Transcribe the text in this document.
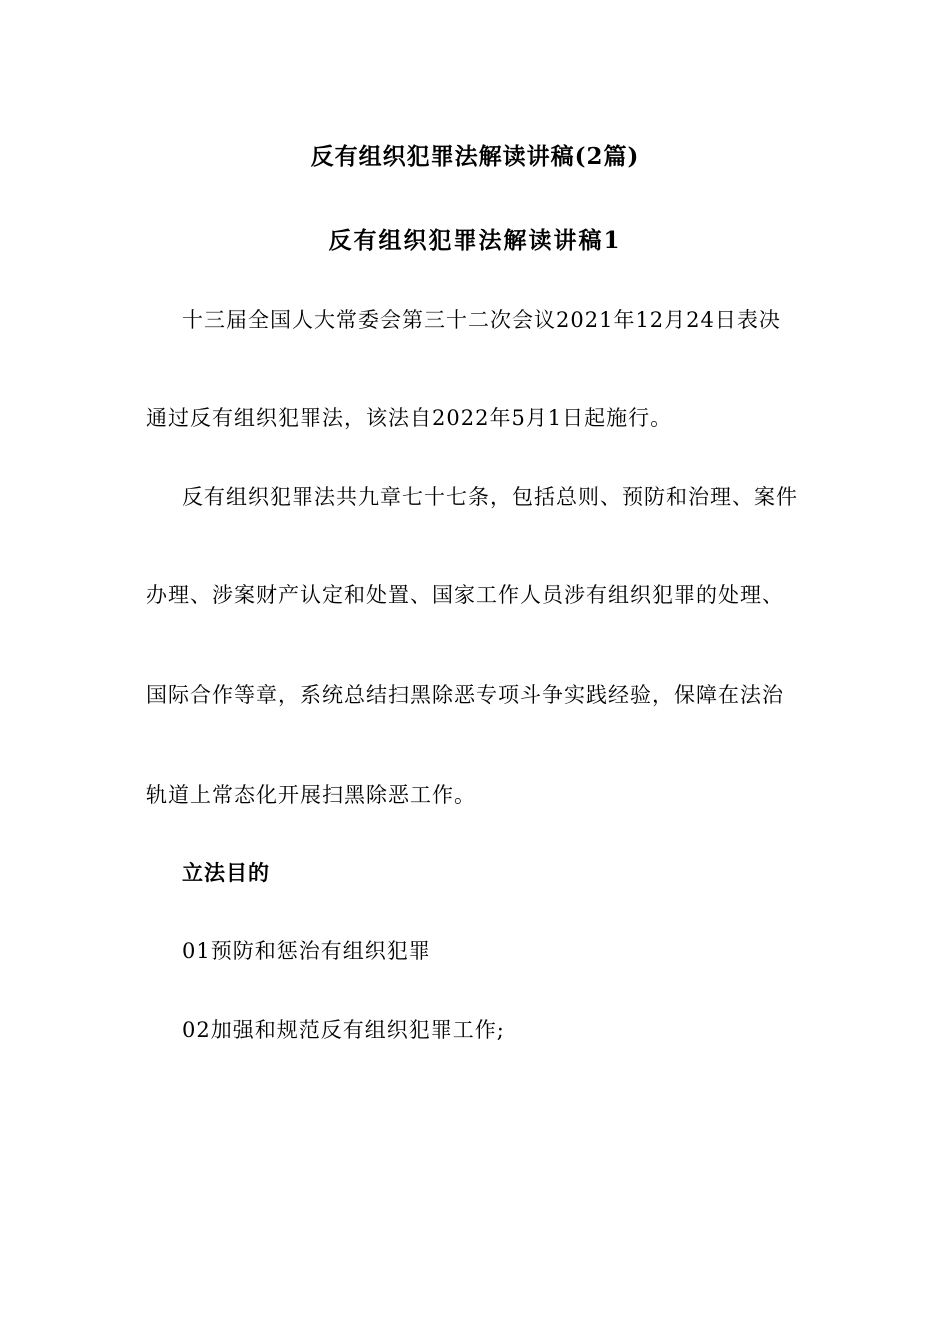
反有组织犯罪法解读讲稿(2篇)
反有组织犯罪法解读讲稿1
十三届全国人大常委会第三十二次会议2021年12月24日表决
通过反有组织犯罪法，该法自2022年5月1日起施行。
反有组织犯罪法共九章七十七条，包括总则、预防和治理、案件
办理、涉案财产认定和处置、国家工作人员涉有组织犯罪的处理、
国际合作等章，系统总结扫黑除恶专项斗争实践经验，保障在法治
轨道上常态化开展扫黑除恶工作。
立法目的
01预防和惩治有组织犯罪
02加强和规范反有组织犯罪工作;
